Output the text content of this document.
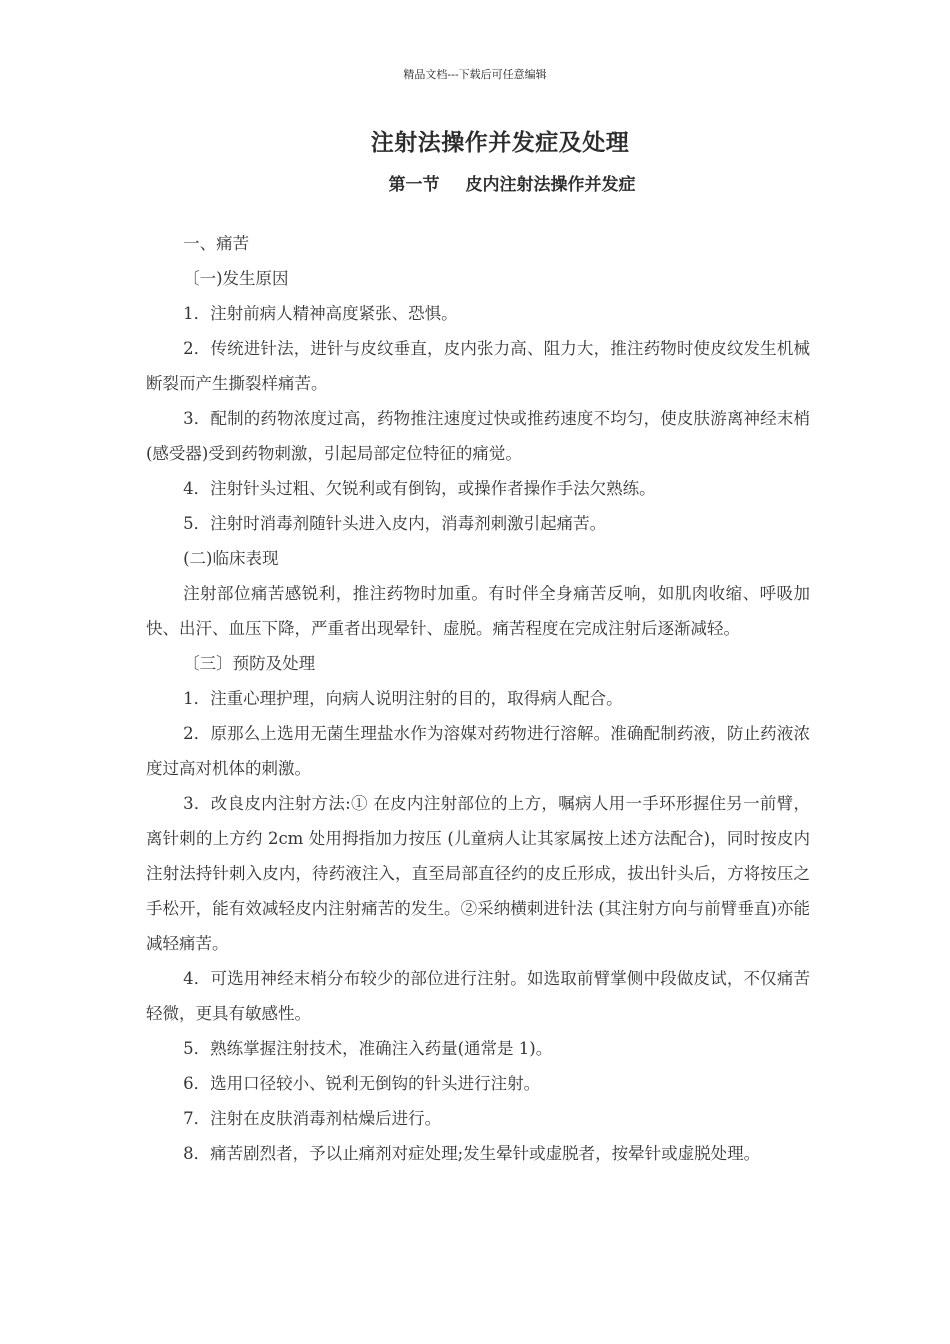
精品文档---下载后可任意编辑
注射法操作并发症及处理
第一节 皮内注射法操作并发症

一、痛苦

〔一)发生原因

1．注射前病人精神高度紧张、恐惧。

2．传统进针法，进针与皮纹垂直，皮内张力高、阻力大，推注药物时使皮纹发生机械断裂而产生撕裂样痛苦。

3．配制的药物浓度过高，药物推注速度过快或推药速度不均匀，使皮肤游离神经末梢 (感受器)受到药物刺激，引起局部定位特征的痛觉。

4．注射针头过粗、欠锐利或有倒钩，或操作者操作手法欠熟练。

5．注射时消毒剂随针头进入皮内，消毒剂刺激引起痛苦。

(二)临床表现

注射部位痛苦感锐利，推注药物时加重。有时伴全身痛苦反响，如肌肉收缩、呼吸加快、出汗、血压下降，严重者出现晕针、虚脱。痛苦程度在完成注射后逐渐减轻。

〔三〕预防及处理

1．注重心理护理，向病人说明注射的目的，取得病人配合。

2．原那么上选用无菌生理盐水作为溶媒对药物进行溶解。准确配制药液，防止药液浓度过高对机体的刺激。

3．改良皮内注射方法:① 在皮内注射部位的上方，嘱病人用一手环形握住另一前臂，离针刺的上方约 2cm 处用拇指加力按压 (儿童病人让其家属按上述方法配合)，同时按皮内注射法持针刺入皮内，待药液注入，直至局部直径约的皮丘形成，拔出针头后，方将按压之手松开，能有效减轻皮内注射痛苦的发生。②采纳横刺进针法 (其注射方向与前臂垂直)亦能减轻痛苦。

4．可选用神经末梢分布较少的部位进行注射。如选取前臂掌侧中段做皮试，不仅痛苦轻微，更具有敏感性。

5．熟练掌握注射技术，准确注入药量(通常是 1)。

6．选用口径较小、锐利无倒钩的针头进行注射。

7．注射在皮肤消毒剂枯燥后进行。

8．痛苦剧烈者，予以止痛剂对症处理;发生晕针或虚脱者，按晕针或虚脱处理。
